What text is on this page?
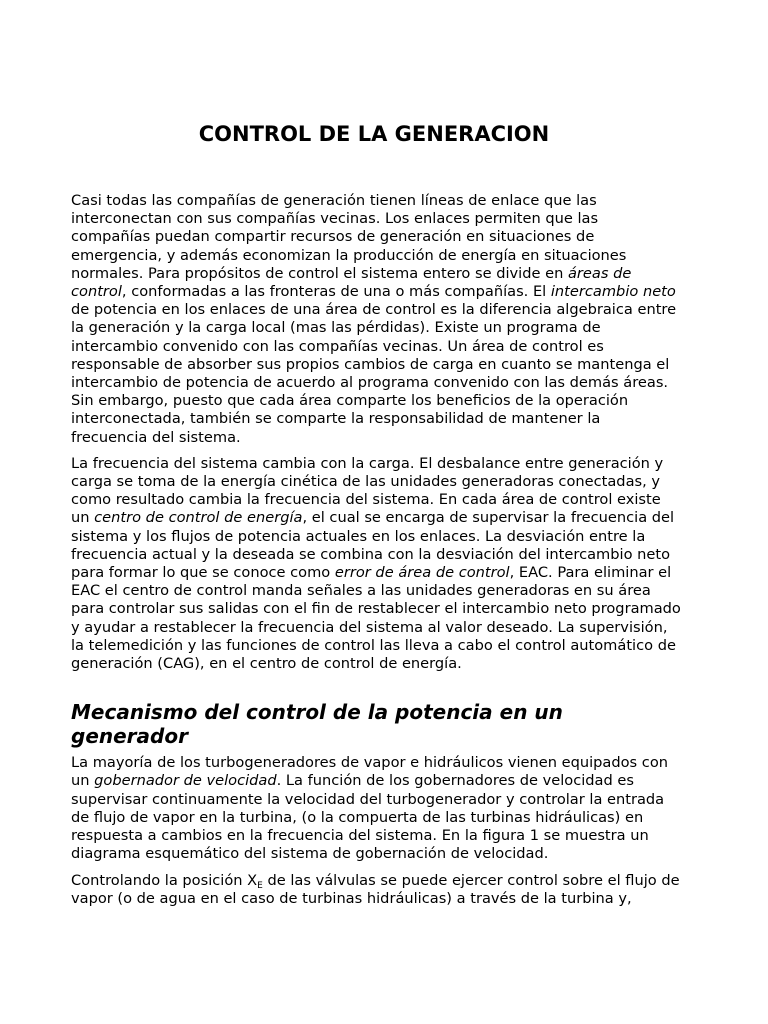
CONTROL DE LA GENERACION

Casi todas las compañías de generación tienen líneas de enlace que las interconectan con sus compañías vecinas. Los enlaces permiten que las compañías puedan compartir recursos de generación en situaciones de emergencia, y además economizan la producción de energía en situaciones normales. Para propósitos de control el sistema entero se divide en áreas de control, conformadas a las fronteras de una o más compañías. El intercambio neto de potencia en los enlaces de una área de control es la diferencia algebraica entre la generación y la carga local (mas las pérdidas). Existe un programa de intercambio convenido con las compañías vecinas. Un área de control es responsable de absorber sus propios cambios de carga en cuanto se mantenga el intercambio de potencia de acuerdo al programa convenido con las demás áreas. Sin embargo, puesto que cada área comparte los beneficios de la operación interconectada, también se comparte la responsabilidad de mantener la frecuencia del sistema.

La frecuencia del sistema cambia con la carga. El desbalance entre generación y carga se toma de la energía cinética de las unidades generadoras conectadas, y como resultado cambia la frecuencia del sistema. En cada área de control existe un centro de control de energía, el cual se encarga de supervisar la frecuencia del sistema y los flujos de potencia actuales en los enlaces. La desviación entre la frecuencia actual y la deseada se combina con la desviación del intercambio neto para formar lo que se conoce como error de área de control, EAC. Para eliminar el EAC el centro de control manda señales a las unidades generadoras en su área para controlar sus salidas con el fin de restablecer el intercambio neto programado y ayudar a restablecer la frecuencia del sistema al valor deseado. La supervisión, la telemedición y las funciones de control las lleva a cabo el control automático de generación (CAG), en el centro de control de energía.

Mecanismo del control de la potencia en un generador

La mayoría de los turbogeneradores de vapor e hidráulicos vienen equipados con un gobernador de velocidad. La función de los gobernadores de velocidad es supervisar continuamente la velocidad del turbogenerador y controlar la entrada de flujo de vapor en la turbina, (o la compuerta de las turbinas hidráulicas) en respuesta a cambios en la frecuencia del sistema. En la figura 1 se muestra un diagrama esquemático del sistema de gobernación de velocidad.

Controlando la posición $X_E$ de las válvulas se puede ejercer control sobre el flujo de vapor (o de agua en el caso de turbinas hidráulicas) a través de la turbina y,
